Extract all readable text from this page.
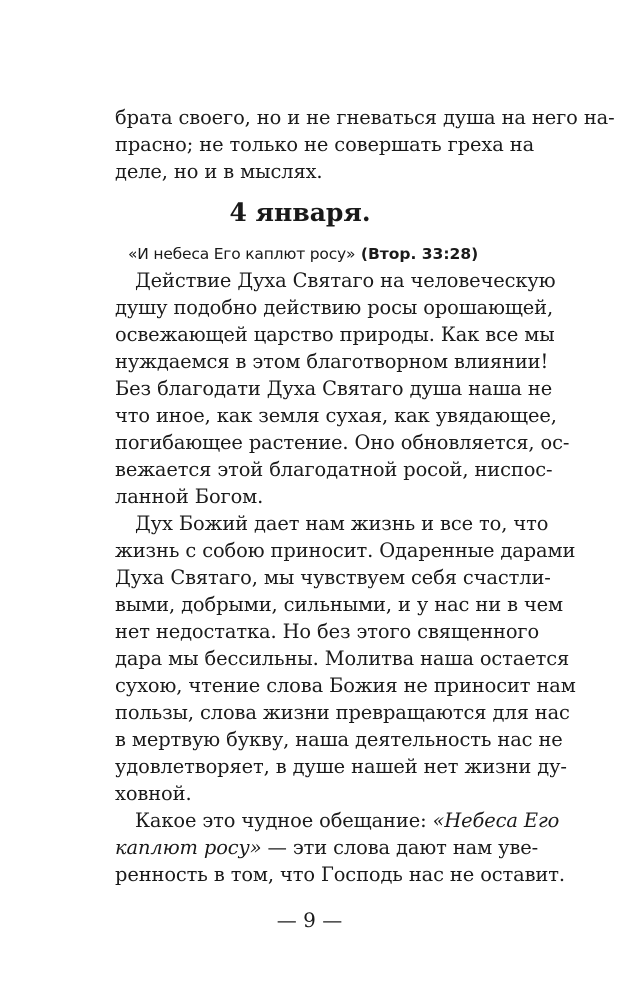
брата своего, но и не гневаться душа на него на-
прасно; не только не совершать греха на
деле, но и в мыслях.
4 января.
«И небеса Его каплют росу» (Втор. 33:28)
Действие Духа Святаго на человеческую
душу подобно действию росы орошающей,
освежающей царство природы. Как все мы
нуждаемся в этом благотворном влиянии!
Без благодати Духа Святаго душа наша не
что иное, как земля сухая, как увядающее,
погибающее растение. Оно обновляется, ос-
вежается этой благодатной росой, ниспос-
ланной Богом.
Дух Божий дает нам жизнь и все то, что
жизнь с собою приносит. Одаренные дарами
Духа Святаго, мы чувствуем себя счастли-
выми, добрыми, сильными, и у нас ни в чем
нет недостатка. Но без этого священного
дара мы бессильны. Молитва наша остается
сухою, чтение слова Божия не приносит нам
пользы, слова жизни превращаются для нас
в мертвую букву, наша деятельность нас не
удовлетворяет, в душе нашей нет жизни ду-
ховной.
Какое это чудное обещание: «Небеса Его
каплют росу» — эти слова дают нам уве-
ренность в том, что Господь нас не оставит.
— 9 —
